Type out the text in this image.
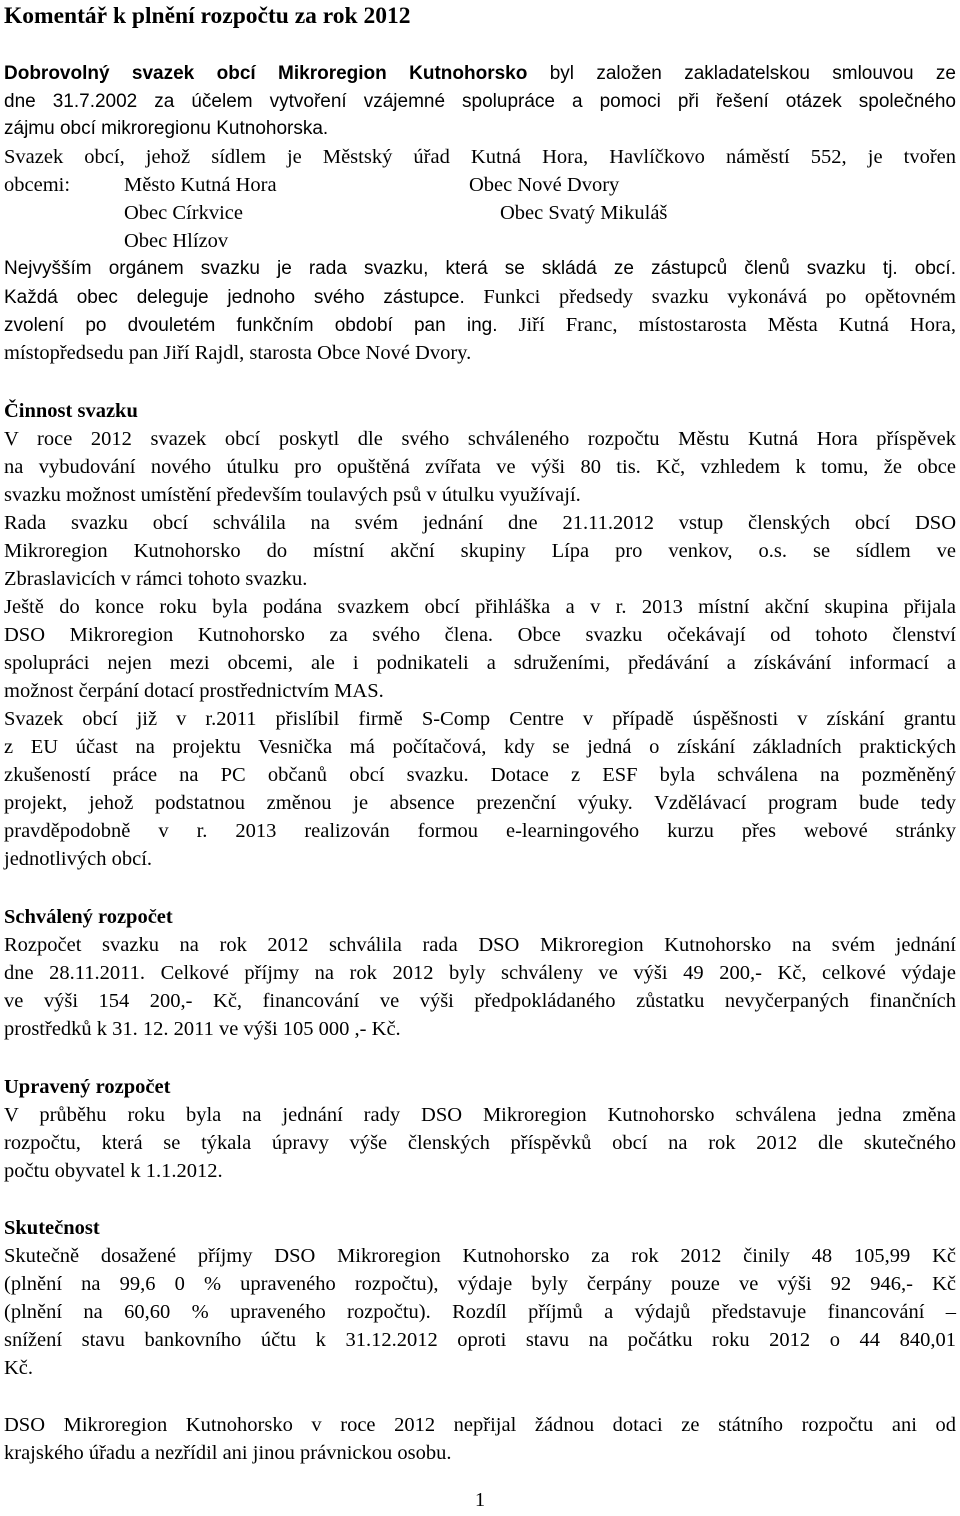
Komentář k plnění rozpočtu za rok 2012
Dobrovolný svazek obcí Mikroregion Kutnohorsko byl založen zakladatelskou smlouvou ze
dne 31.7.2002 za účelem vytvoření vzájemné spolupráce a pomoci při řešení otázek společného
zájmu obcí mikroregionu Kutnohorska.
Svazek obcí, jehož sídlem je Městský úřad Kutná Hora, Havlíčkovo náměstí 552, je tvořen
obcemi:	Město Kutná Hora	Obec Nové Dvory
Obec Církvice	Obec Svatý Mikuláš
Obec Hlízov
Nejvyšším orgánem svazku je rada svazku, která se skládá ze zástupců členů svazku tj. obcí.
Každá obec deleguje jednoho svého zástupce. Funkci předsedy svazku vykonává po opětovném
zvolení po dvouletém funkčním období pan ing. Jiří Franc, místostarosta Města Kutná Hora,
místopředsedu pan Jiří Rajdl, starosta Obce Nové Dvory.
Činnost svazku
V roce 2012 svazek obcí poskytl dle svého schváleného rozpočtu Městu Kutná Hora příspěvek
na vybudování nového útulku pro opuštěná zvířata ve výši 80 tis. Kč, vzhledem k tomu, že obce
svazku možnost umístění především toulavých psů v útulku využívají.
Rada svazku obcí schválila na svém jednání dne 21.11.2012 vstup členských obcí DSO
Mikroregion Kutnohorsko do místní akční skupiny Lípa pro venkov, o.s. se sídlem ve
Zbraslavicích v rámci tohoto svazku.
Ještě do konce roku byla podána svazkem obcí přihláška a v r. 2013 místní akční skupina přijala
DSO Mikroregion Kutnohorsko za svého člena. Obce svazku očekávají od tohoto členství
spolupráci nejen mezi obcemi, ale i podnikateli a sdruženími, předávání a získávání informací a
možnost čerpání dotací prostřednictvím MAS.
Svazek obcí již v r.2011 přislíbil firmě S-Comp Centre v případě úspěšnosti v získání grantu
z EU účast na projektu Vesnička má počítačová, kdy se jedná o získání základních praktických
zkušeností práce na PC občanů obcí svazku. Dotace z ESF byla schválena na pozměněný
projekt, jehož podstatnou změnou je absence prezenční výuky. Vzdělávací program bude tedy
pravděpodobně v r. 2013 realizován formou e-learningového kurzu přes webové stránky
jednotlivých obcí.
Schválený rozpočet
Rozpočet svazku na rok 2012 schválila rada DSO Mikroregion Kutnohorsko na svém jednání
dne 28.11.2011. Celkové příjmy na rok 2012 byly schváleny ve výši 49 200,- Kč, celkové výdaje
ve výši 154 200,- Kč, financování ve výši předpokládaného zůstatku nevyčerpaných finančních
prostředků k 31. 12. 2011 ve výši 105 000 ,- Kč.
Upravený rozpočet
V průběhu roku byla na jednání rady DSO Mikroregion Kutnohorsko schválena jedna změna
rozpočtu, která se týkala úpravy výše členských příspěvků obcí na rok 2012 dle skutečného
počtu obyvatel k 1.1.2012.
Skutečnost
Skutečně dosažené příjmy DSO Mikroregion Kutnohorsko za rok 2012 činily 48 105,99 Kč
(plnění na 99,6 0 % upraveného rozpočtu), výdaje byly čerpány pouze ve výši 92 946,- Kč
(plnění na 60,60 % upraveného rozpočtu). Rozdíl příjmů a výdajů představuje financování –
snížení stavu bankovního účtu k 31.12.2012 oproti stavu na počátku roku 2012 o 44 840,01
Kč.
DSO Mikroregion Kutnohorsko v roce 2012 nepřijal žádnou dotaci ze státního rozpočtu ani od
krajského úřadu a nezřídil ani jinou právnickou osobu.
1
